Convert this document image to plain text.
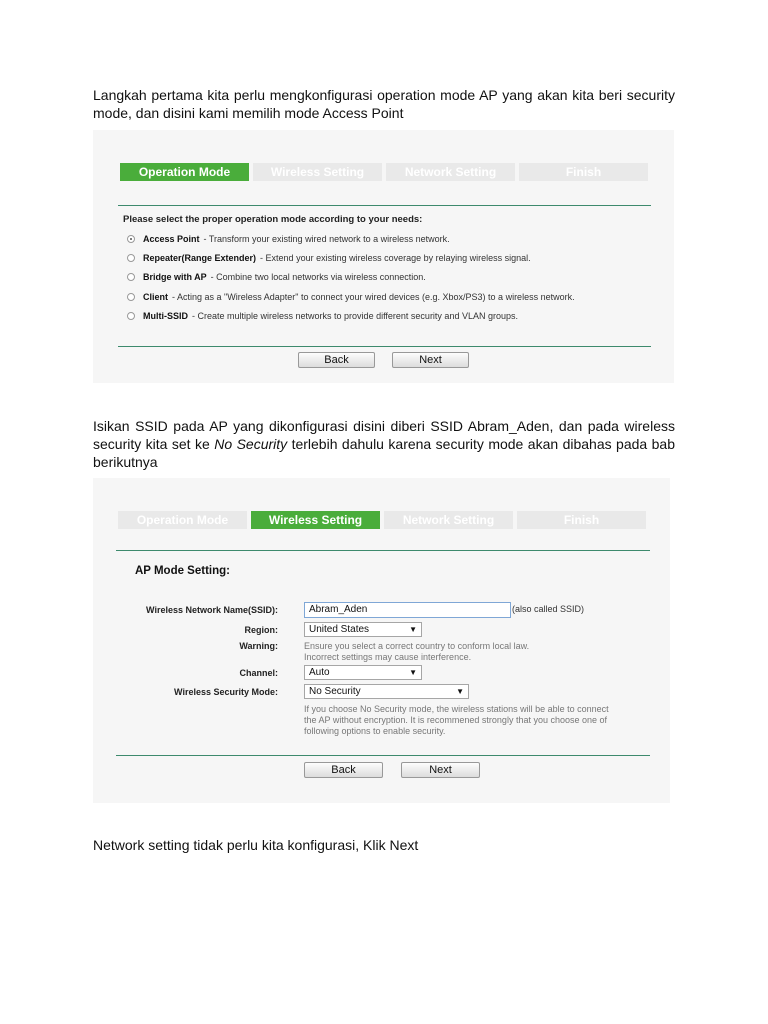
Langkah pertama kita perlu mengkonfigurasi operation mode AP yang akan kita beri security mode, dan disini kami memilih mode Access Point
Operation Mode	Wireless Setting	Network Setting	Finish
Please select the proper operation mode according to your needs:
Access Point - Transform your existing wired network to a wireless network.
Repeater(Range Extender) - Extend your existing wireless coverage by relaying wireless signal.
Bridge with AP - Combine two local networks via wireless connection.
Client - Acting as a "Wireless Adapter" to connect your wired devices (e.g. Xbox/PS3) to a wireless network.
Multi-SSID - Create multiple wireless networks to provide different security and VLAN groups.
Back	Next
Isikan SSID pada AP yang dikonfigurasi disini diberi SSID Abram_Aden, dan pada wireless security kita set ke No Security terlebih dahulu karena security mode akan dibahas pada bab berikutnya
Operation Mode	Wireless Setting	Network Setting	Finish
AP Mode Setting:
Wireless Network Name(SSID):	Abram_Aden	(also called SSID)
Region:	United States	▼
Warning:	Ensure you select a correct country to conform local law.
Incorrect settings may cause interference.
Channel:	Auto	▼
Wireless Security Mode:	No Security	▼
If you choose No Security mode, the wireless stations will be able to connect
the AP without encryption. It is recommened strongly that you choose one of
following options to enable security.
Back	Next
Network setting tidak perlu kita konfigurasi, Klik Next
